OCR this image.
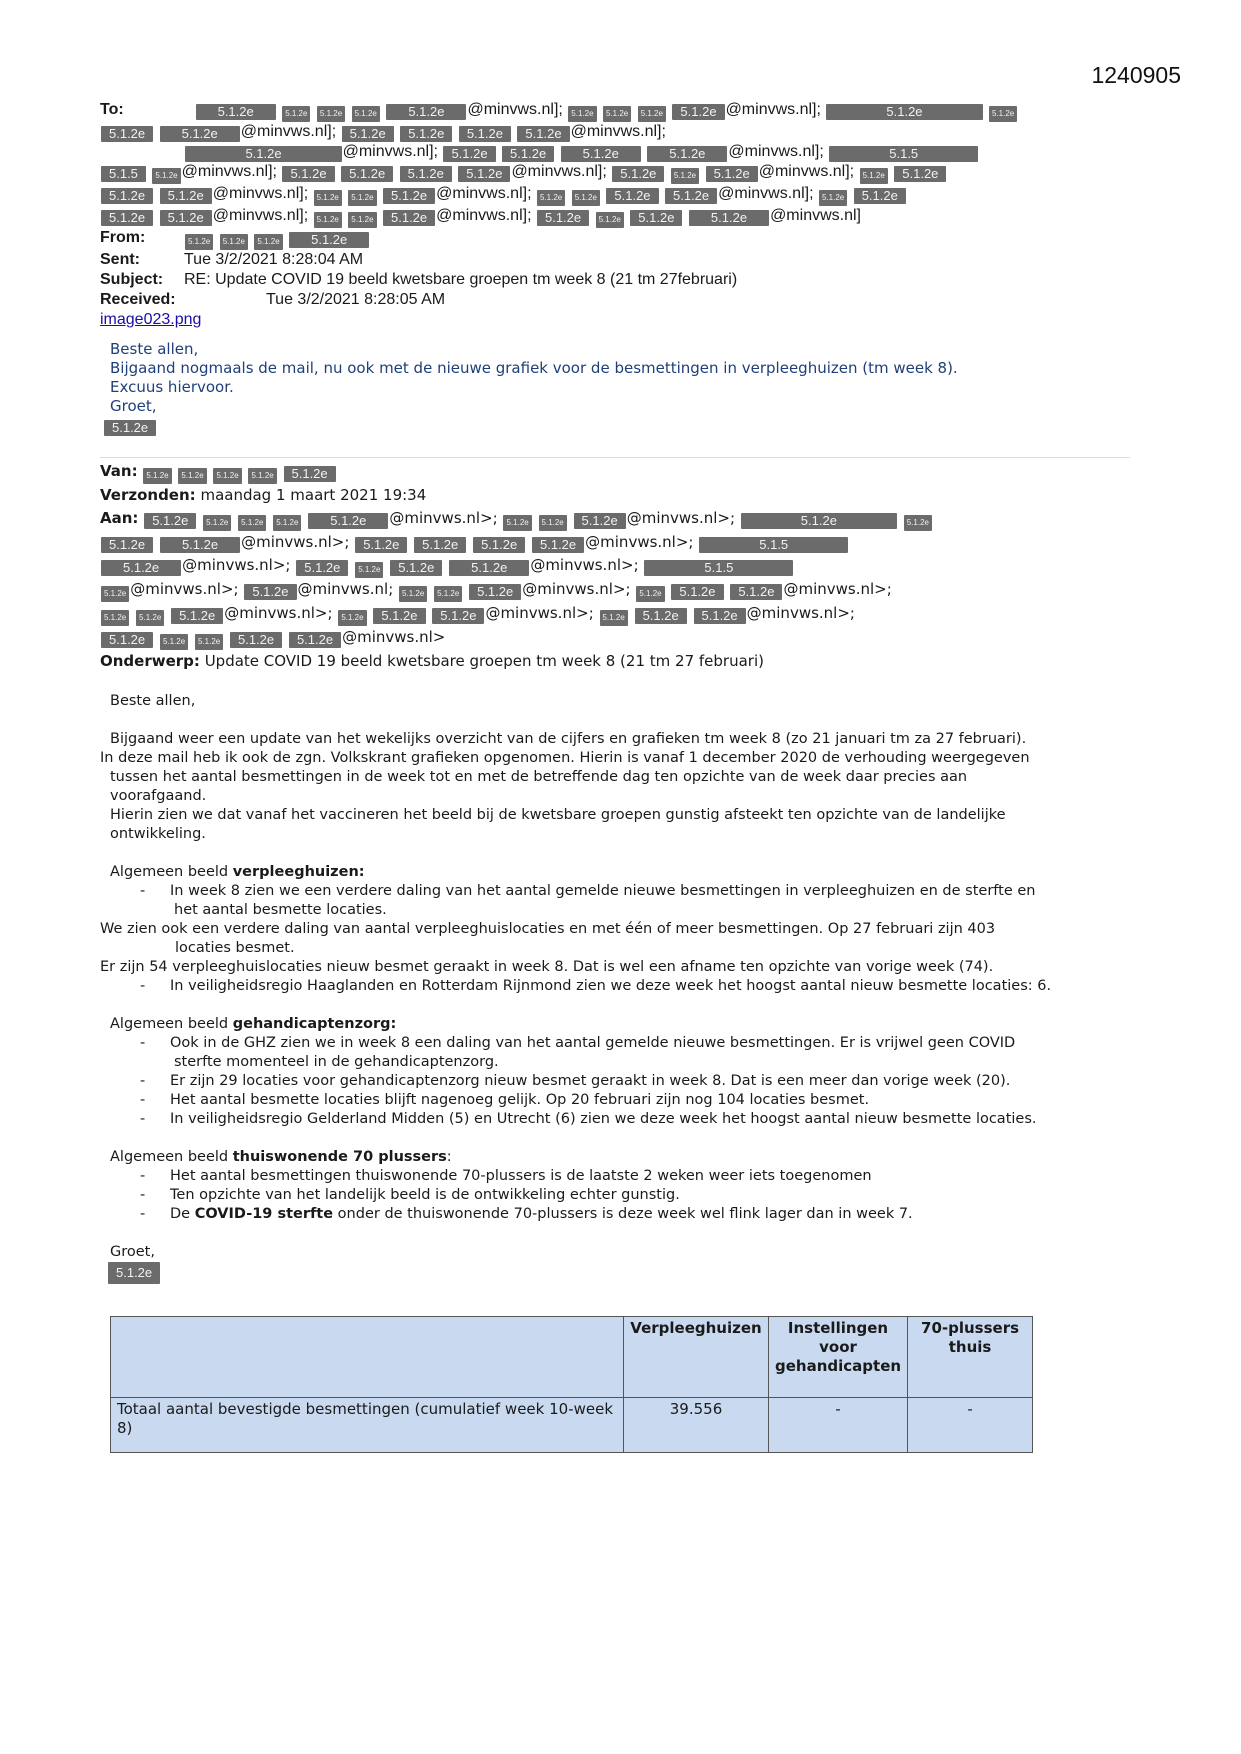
1240905
To:	5.1.2e	5.1.2e 5.1.2e 5.1.2e 5.1.2e @minvws.nl]; 5.1.2e 5.1.2e 5.1.2e 5.1.2e @minvws.nl];	5.1.2e	5.1.2e
5.1.2e	5.1.2e @minvws.nl]; 5.1.2e 5.1.2e 5.1.2e 5.1.2e @minvws.nl];
5.1.2e	@minvws.nl]; 5.1.2e 5.1.2e	5.1.2e	5.1.2e @minvws.nl];	5.1.5
5.1.5 5.1.2e @minvws.nl]; 5.1.2e 5.1.2e 5.1.2e 5.1.2e @minvws.nl]; 5.1.2e 5.1.2e 5.1.2e @minvws.nl]; 5.1.2e 5.1.2e
5.1.2e 5.1.2e @minvws.nl]; 5.1.2e 5.1.2e 5.1.2e @minvws.nl]; 5.1.2e 5.1.2e 5.1.2e 5.1.2e @minvws.nl]; 5.1.2e 5.1.2e
5.1.2e 5.1.2e @minvws.nl]; 5.1.2e 5.1.2e 5.1.2e @minvws.nl]; 5.1.2e 5.1.2e 5.1.2e	5.1.2e @minvws.nl]
From:	5.1.2e 5.1.2e 5.1.2e 5.1.2e
Sent:	Tue 3/2/2021 8:28:04 AM
Subject:	RE: Update COVID 19 beeld kwetsbare groepen tm week 8 (21 tm 27februari)
Received:	Tue 3/2/2021 8:28:05 AM
image023.png
Beste allen,
Bijgaand nogmaals de mail, nu ook met de nieuwe grafiek voor de besmettingen in verpleeghuizen (tm week 8).
Excuus hiervoor.
Groet,
5.1.2e
Van: 5.1.2e 5.1.2e 5.1.2e 5.1.2e 5.1.2e
Verzonden: maandag 1 maart 2021 19:34
Aan: 5.1.2e 5.1.2e 5.1.2e 5.1.2e 5.1.2e @minvws.nl>; 5.1.2e 5.1.2e 5.1.2e @minvws.nl>;	5.1.2e	5.1.2e
5.1.2e	5.1.2e @minvws.nl>; 5.1.2e 5.1.2e 5.1.2e 5.1.2e @minvws.nl>;	5.1.5
5.1.2e @minvws.nl>; 5.1.2e 5.1.2e 5.1.2e	5.1.2e @minvws.nl>;	5.1.5
5.1.2e @minvws.nl>; 5.1.2e @minvws.nl; 5.1.2e 5.1.2e 5.1.2e @minvws.nl>; 5.1.2e 5.1.2e 5.1.2e @minvws.nl>;
5.1.2e 5.1.2e 5.1.2e @minvws.nl>; 5.1.2e 5.1.2e 5.1.2e @minvws.nl>; 5.1.2e 5.1.2e 5.1.2e @minvws.nl>;
5.1.2e 5.1.2e 5.1.2e 5.1.2e 5.1.2e @minvws.nl>
Onderwerp: Update COVID 19 beeld kwetsbare groepen tm week 8 (21 tm 27 februari)
Beste allen,
Bijgaand weer een update van het wekelijks overzicht van de cijfers en grafieken tm week 8 (zo 21 januari tm za 27 februari).
In deze mail heb ik ook de zgn. Volkskrant grafieken opgenomen. Hierin is vanaf 1 december 2020 de verhouding weergegeven
tussen het aantal besmettingen in de week tot en met de betreffende dag ten opzichte van de week daar precies aan
voorafgaand.
Hierin zien we dat vanaf het vaccineren het beeld bij de kwetsbare groepen gunstig afsteekt ten opzichte van de landelijke
ontwikkeling.
Algemeen beeld verpleeghuizen:
- In week 8 zien we een verdere daling van het aantal gemelde nieuwe besmettingen in verpleeghuizen en de sterfte en
het aantal besmette locaties.
We zien ook een verdere daling van aantal verpleeghuislocaties en met één of meer besmettingen. Op 27 februari zijn 403
locaties besmet.
Er zijn 54 verpleeghuislocaties nieuw besmet geraakt in week 8. Dat is wel een afname ten opzichte van vorige week (74).
- In veiligheidsregio Haaglanden en Rotterdam Rijnmond zien we deze week het hoogst aantal nieuw besmette locaties: 6.
Algemeen beeld gehandicaptenzorg:
- Ook in de GHZ zien we in week 8 een daling van het aantal gemelde nieuwe besmettingen. Er is vrijwel geen COVID
sterfte momenteel in de gehandicaptenzorg.
- Er zijn 29 locaties voor gehandicaptenzorg nieuw besmet geraakt in week 8. Dat is een meer dan vorige week (20).
- Het aantal besmette locaties blijft nagenoeg gelijk. Op 20 februari zijn nog 104 locaties besmet.
- In veiligheidsregio Gelderland Midden (5) en Utrecht (6) zien we deze week het hoogst aantal nieuw besmette locaties.
Algemeen beeld thuiswonende 70 plussers:
- Het aantal besmettingen thuiswonende 70-plussers is de laatste 2 weken weer iets toegenomen
- Ten opzichte van het landelijk beeld is de ontwikkeling echter gunstig.
- De COVID-19 sterfte onder de thuiswonende 70-plussers is deze week wel flink lager dan in week 7.
Groet,
5.1.2e
	Verpleeghuizen	Instellingen voor gehandicapten	70-plussers thuis
Totaal aantal bevestigde besmettingen (cumulatief week 10-week 8)	39.556	-	-
